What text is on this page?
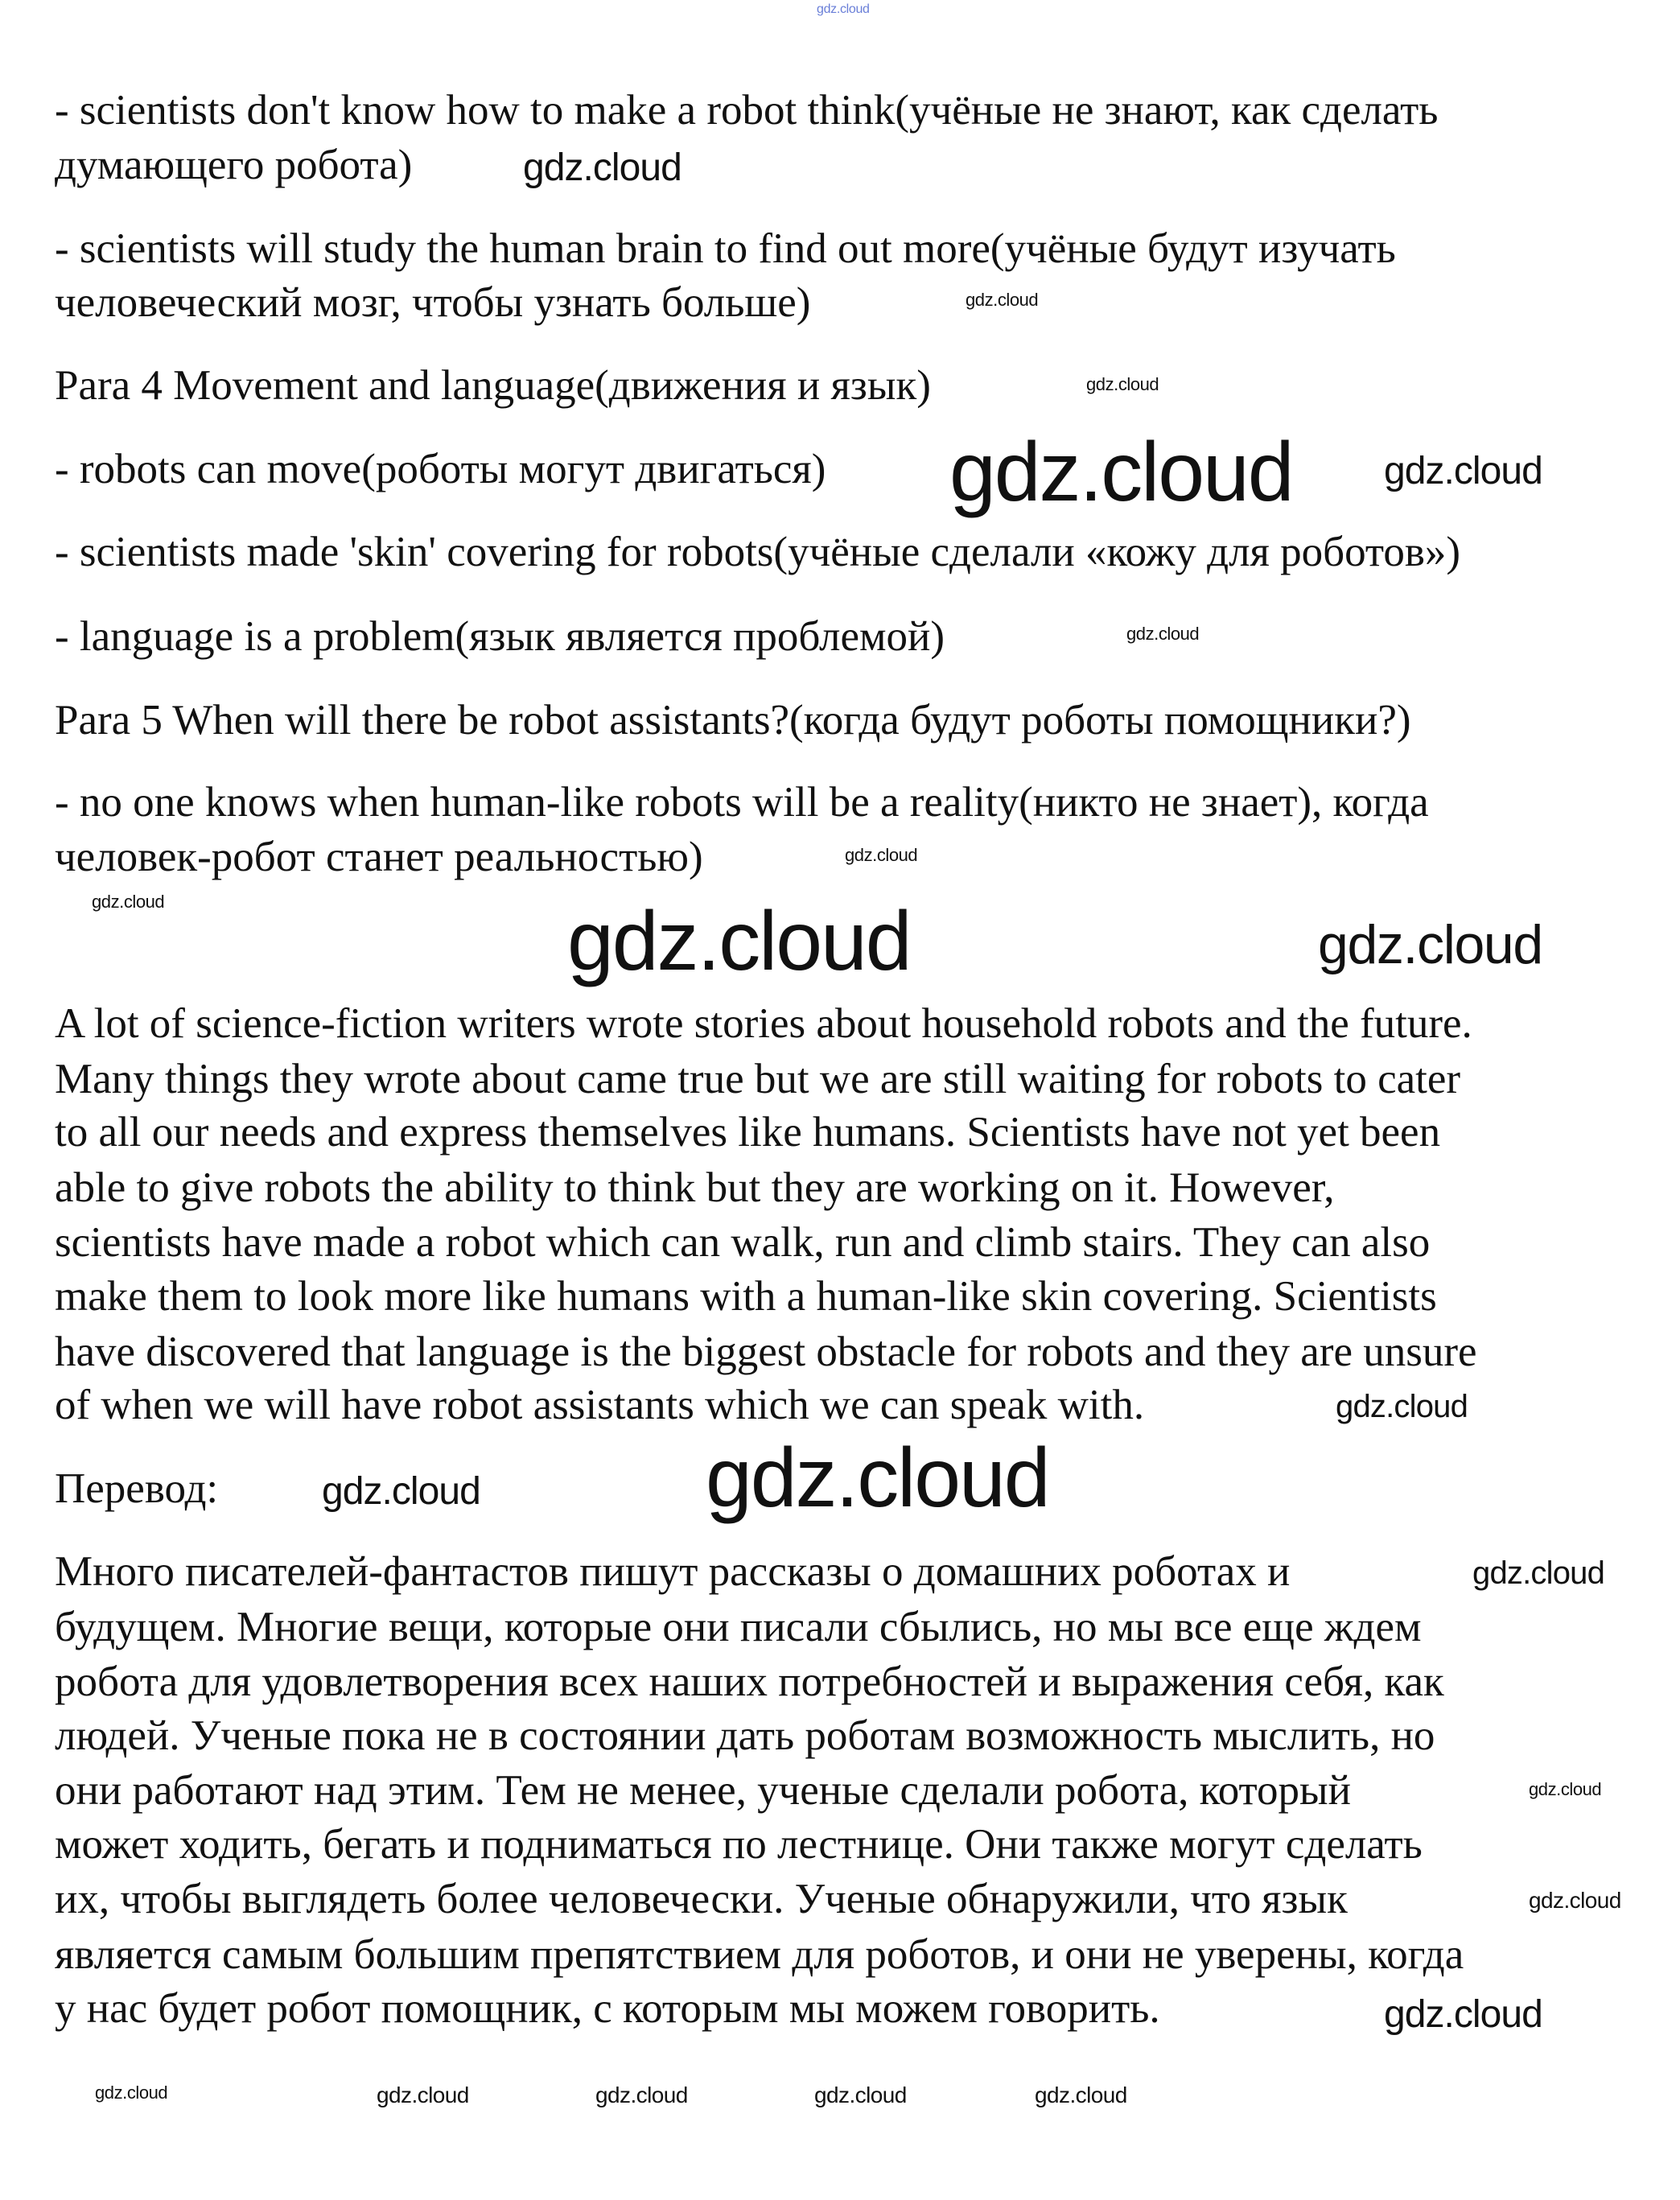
gdz.cloud
- scientists don't know how to make a robot think(учёные не знают, как сделать
думающего робота)
- scientists will study the human brain to find out more(учёные будут изучать
человеческий мозг, чтобы узнать больше)
Para 4 Movement and language(движения и язык)
- robots can move(роботы могут двигаться)
- scientists made 'skin' covering for robots(учёные сделали «кожу для роботов»)
- language is a problem(язык является проблемой)
Para 5 When will there be robot assistants?(когда будут роботы помощники?)
- no one knows when human-like robots will be a reality(никто не знает), когда
человек-робот станет реальностью)
A lot of science-fiction writers wrote stories about household robots and the future.
Many things they wrote about came true but we are still waiting for robots to cater
to all our needs and express themselves like humans. Scientists have not yet been
able to give robots the ability to think but they are working on it. However,
scientists have made a robot which can walk, run and climb stairs. They can also
make them to look more like humans with a human-like skin covering. Scientists
have discovered that language is the biggest obstacle for robots and they are unsure
of when we will have robot assistants which we can speak with.
Перевод:
Много писателей-фантастов пишут рассказы о домашних роботах и
будущем. Многие вещи, которые они писали сбылись, но мы все еще ждем
робота для удовлетворения всех наших потребностей и выражения себя, как
людей. Ученые пока не в состоянии дать роботам возможность мыслить, но
они работают над этим. Тем не менее, ученые сделали робота, который
может ходить, бегать и подниматься по лестнице. Они также могут сделать
их, чтобы выглядеть более человечески. Ученые обнаружили, что язык
является самым большим препятствием для роботов, и они не уверены, когда
у нас будет робот помощник, с которым мы можем говорить.
gdz.cloud
gdz.cloud
gdz.cloud
gdz.cloud gdz.cloud
gdz.cloud
gdz.cloud
gdz.cloud	gdz.cloud	gdz.cloud
gdz.cloud
gdz.cloud
gdz.cloud
gdz.cloud
gdz.cloud
gdz.cloud
gdz.cloud
gdz.cloud	gdz.cloud	gdz.cloud	gdz.cloud	gdz.cloud
